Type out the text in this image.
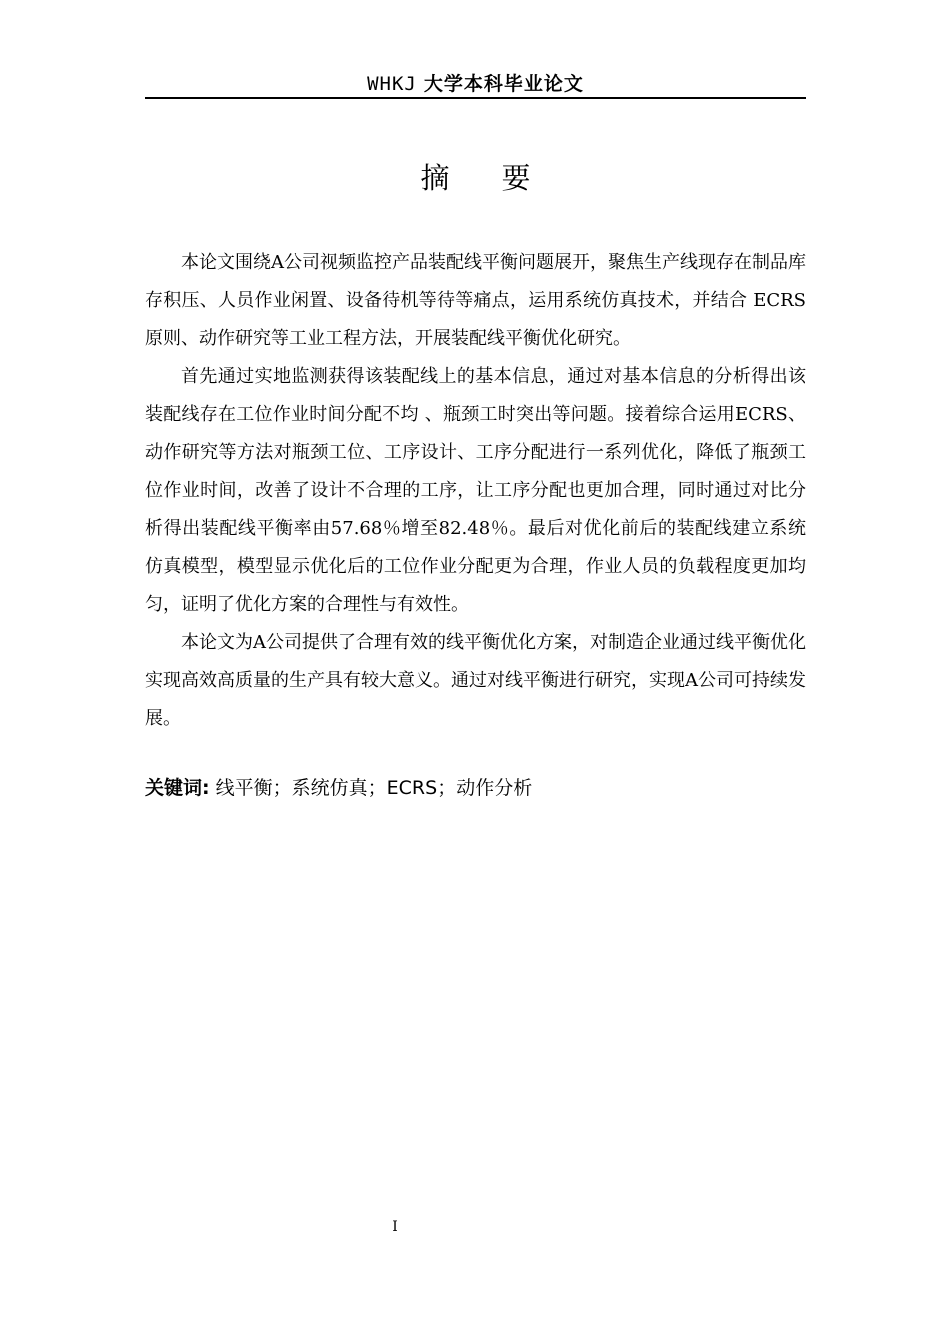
WHKJ 大学本科毕业论文
摘要

本论文围绕A公司视频监控产品装配线平衡问题展开，聚焦生产线现存在制品库存积压、人员作业闲置、设备待机等待等痛点，运用系统仿真技术，并结合 ECRS 原则、动作研究等工业工程方法，开展装配线平衡优化研究。

首先通过实地监测获得该装配线上的基本信息，通过对基本信息的分析得出该装配线存在工位作业时间分配不均 、瓶颈工时突出等问题。接着综合运用ECRS、动作研究等方法对瓶颈工位、工序设计、工序分配进行一系列优化，降低了瓶颈工位作业时间，改善了设计不合理的工序，让工序分配也更加合理，同时通过对比分析得出装配线平衡率由57.68％增至82.48％。最后对优化前后的装配线建立系统仿真模型，模型显示优化后的工位作业分配更为合理，作业人员的负载程度更加均匀，证明了优化方案的合理性与有效性。

本论文为A公司提供了合理有效的线平衡优化方案，对制造企业通过线平衡优化实现高效高质量的生产具有较大意义。通过对线平衡进行研究，实现A公司可持续发展。

关键词: 线平衡；系统仿真；ECRS；动作分析
I
